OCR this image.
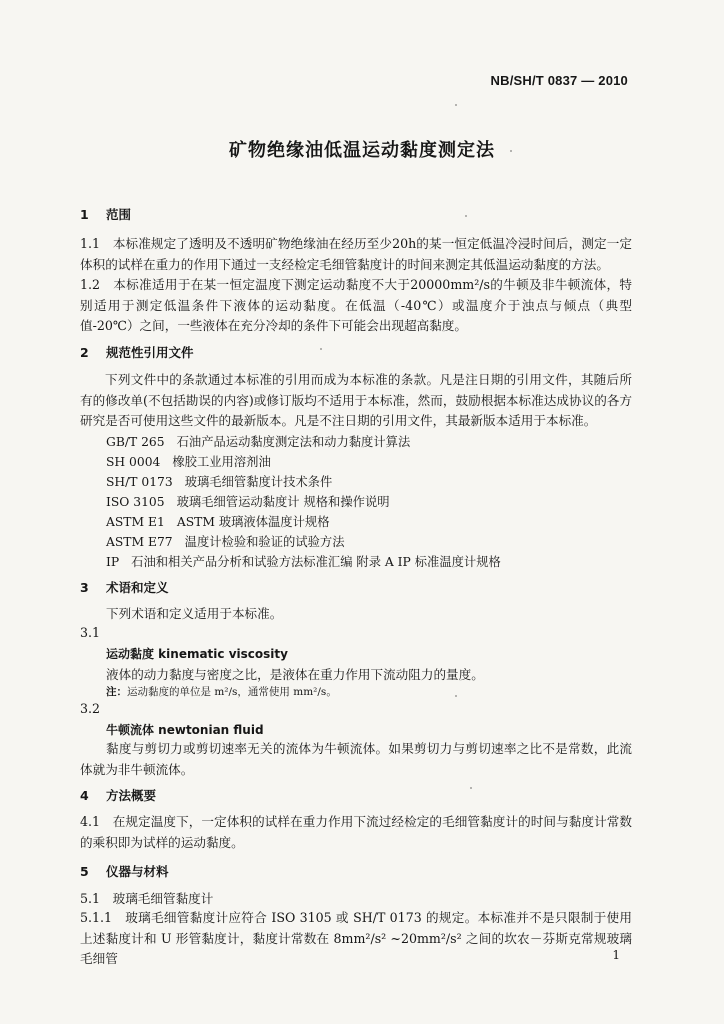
NB/SH/T 0837 — 2010
矿物绝缘油低温运动黏度测定法
1 范围
1.1　本标准规定了透明及不透明矿物绝缘油在经历至少20h的某一恒定低温冷浸时间后，测定一定体积的试样在重力的作用下通过一支经检定毛细管黏度计的时间来测定其低温运动黏度的方法。
1.2　本标准适用于在某一恒定温度下测定运动黏度不大于20000mm²/s的牛顿及非牛顿流体，特别适用于测定低温条件下液体的运动黏度。在低温（-40℃）或温度介于浊点与倾点（典型值-20℃）之间，一些液体在充分冷却的条件下可能会出现超高黏度。
2 规范性引用文件
下列文件中的条款通过本标准的引用而成为本标准的条款。凡是注日期的引用文件，其随后所有的修改单(不包括勘误的内容)或修订版均不适用于本标准，然而，鼓励根据本标准达成协议的各方研究是否可使用这些文件的最新版本。凡是不注日期的引用文件，其最新版本适用于本标准。
GB/T 265 石油产品运动黏度测定法和动力黏度计算法
SH 0004 橡胶工业用溶剂油
SH/T 0173 玻璃毛细管黏度计技术条件
ISO 3105 玻璃毛细管运动黏度计 规格和操作说明
ASTM E1 ASTM 玻璃液体温度计规格
ASTM E77 温度计检验和验证的试验方法
IP 石油和相关产品分析和试验方法标准汇编 附录 A IP 标准温度计规格
3 术语和定义
下列术语和定义适用于本标准。
3.1
运动黏度 kinematic viscosity
液体的动力黏度与密度之比，是液体在重力作用下流动阻力的量度。
注：运动黏度的单位是 m²/s，通常使用 mm²/s。
3.2
牛顿流体 newtonian fluid
黏度与剪切力或剪切速率无关的流体为牛顿流体。如果剪切力与剪切速率之比不是常数，此流体就为非牛顿流体。
4 方法概要
4.1　在规定温度下，一定体积的试样在重力作用下流过经检定的毛细管黏度计的时间与黏度计常数的乘积即为试样的运动黏度。
5 仪器与材料
5.1　玻璃毛细管黏度计
5.1.1　玻璃毛细管黏度计应符合 ISO 3105 或 SH/T 0173 的规定。本标准并不是只限制于使用上述黏度计和 U 形管黏度计，黏度计常数在 8mm²/s² ~20mm²/s² 之间的坎农－芬斯克常规玻璃毛细管	1
